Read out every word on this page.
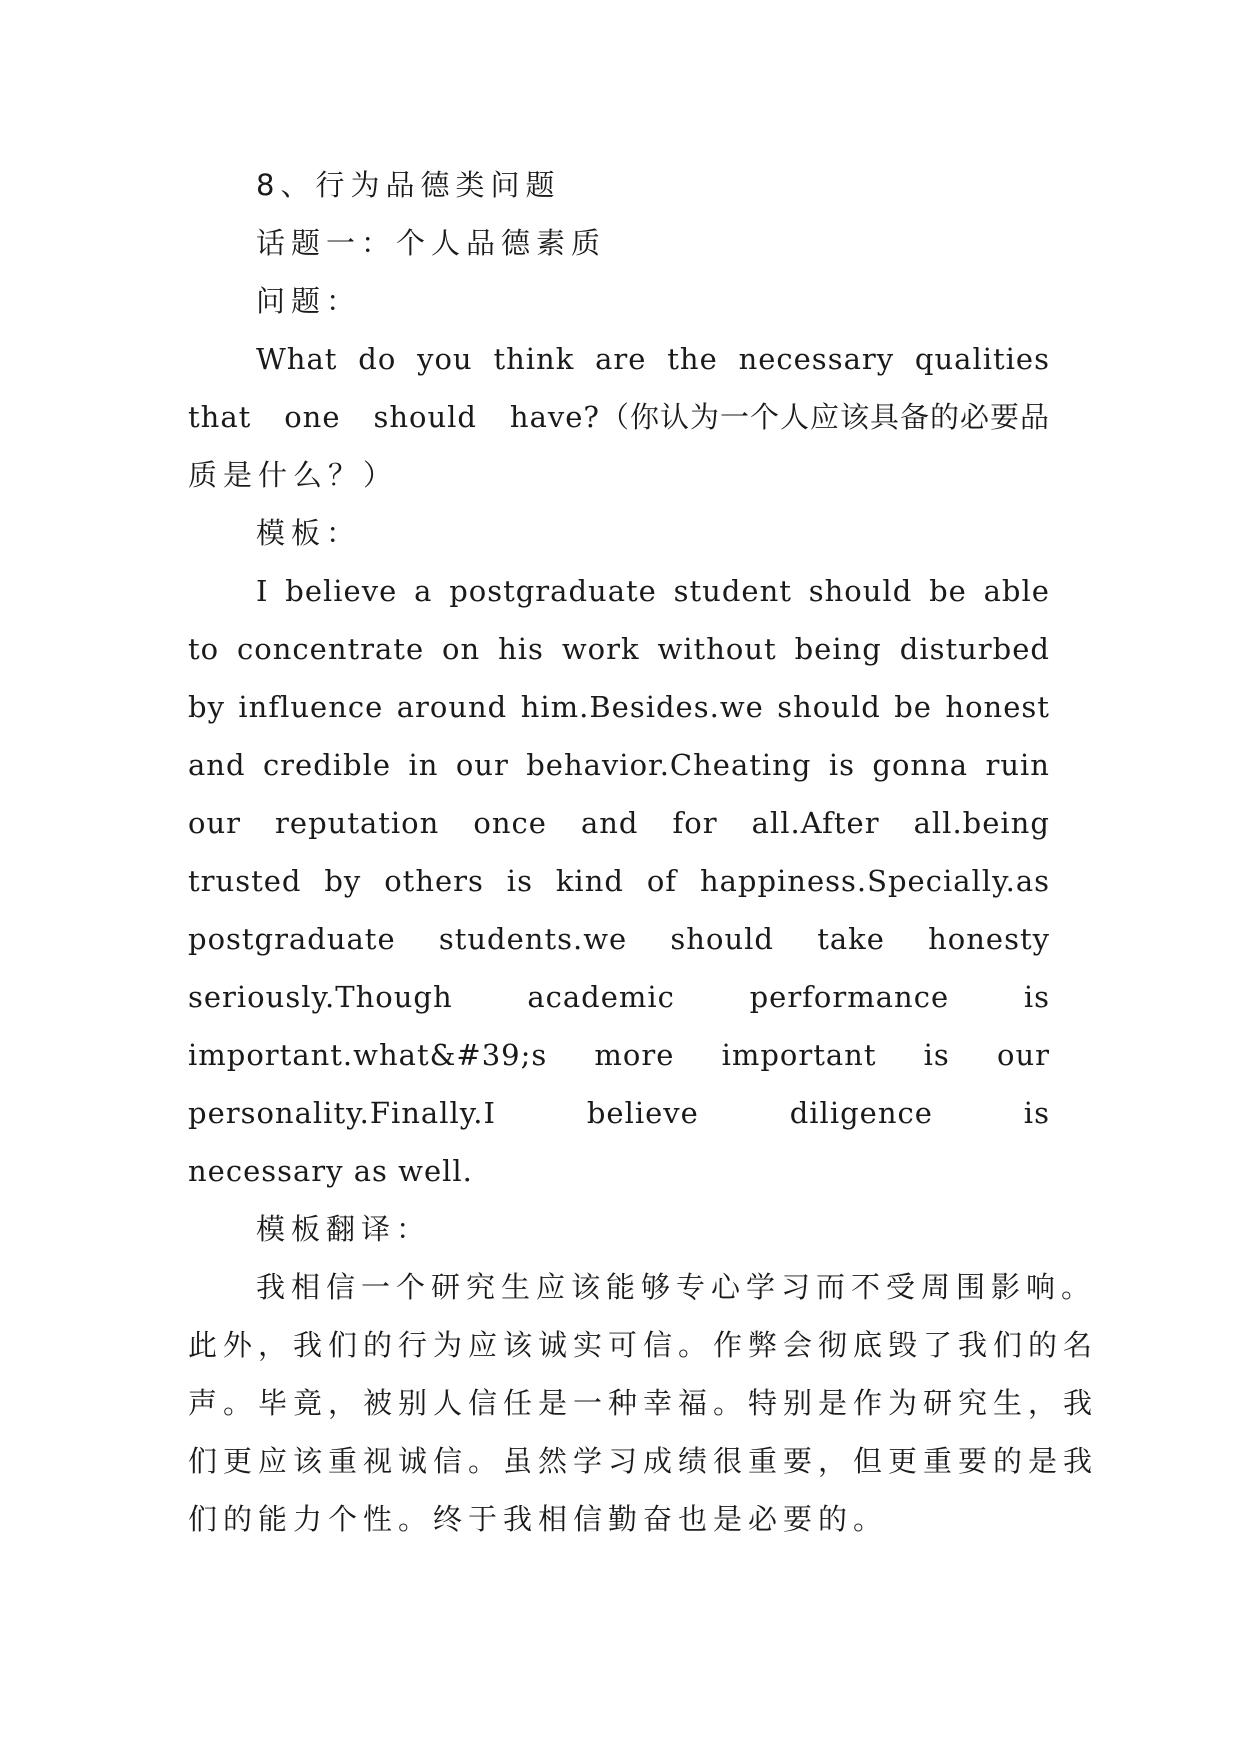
8、行为品德类问题
话题一：个人品德素质
问题：
What do you think are the necessary qualities
that one should have?（你认为一个人应该具备的必要品
质是什么？）
模板：
I believe a postgraduate student should be able
to concentrate on his work without being disturbed
by influence around him.Besides.we should be honest
and credible in our behavior.Cheating is gonna ruin
our reputation once and for all.After all.being
trusted by others is kind of happiness.Specially.as
postgraduate students.we should take honesty
seriously.Though	academic	performance	is
important.what&#39;s more important is our
personality.Finally.I	believe	diligence	is
necessary as well.
模板翻译：
我相信一个研究生应该能够专心学习而不受周围影响。
此外，我们的行为应该诚实可信。作弊会彻底毁了我们的名
声。毕竟，被别人信任是一种幸福。特别是作为研究生，我
们更应该重视诚信。虽然学习成绩很重要，但更重要的是我
们的能力个性。终于我相信勤奋也是必要的。
